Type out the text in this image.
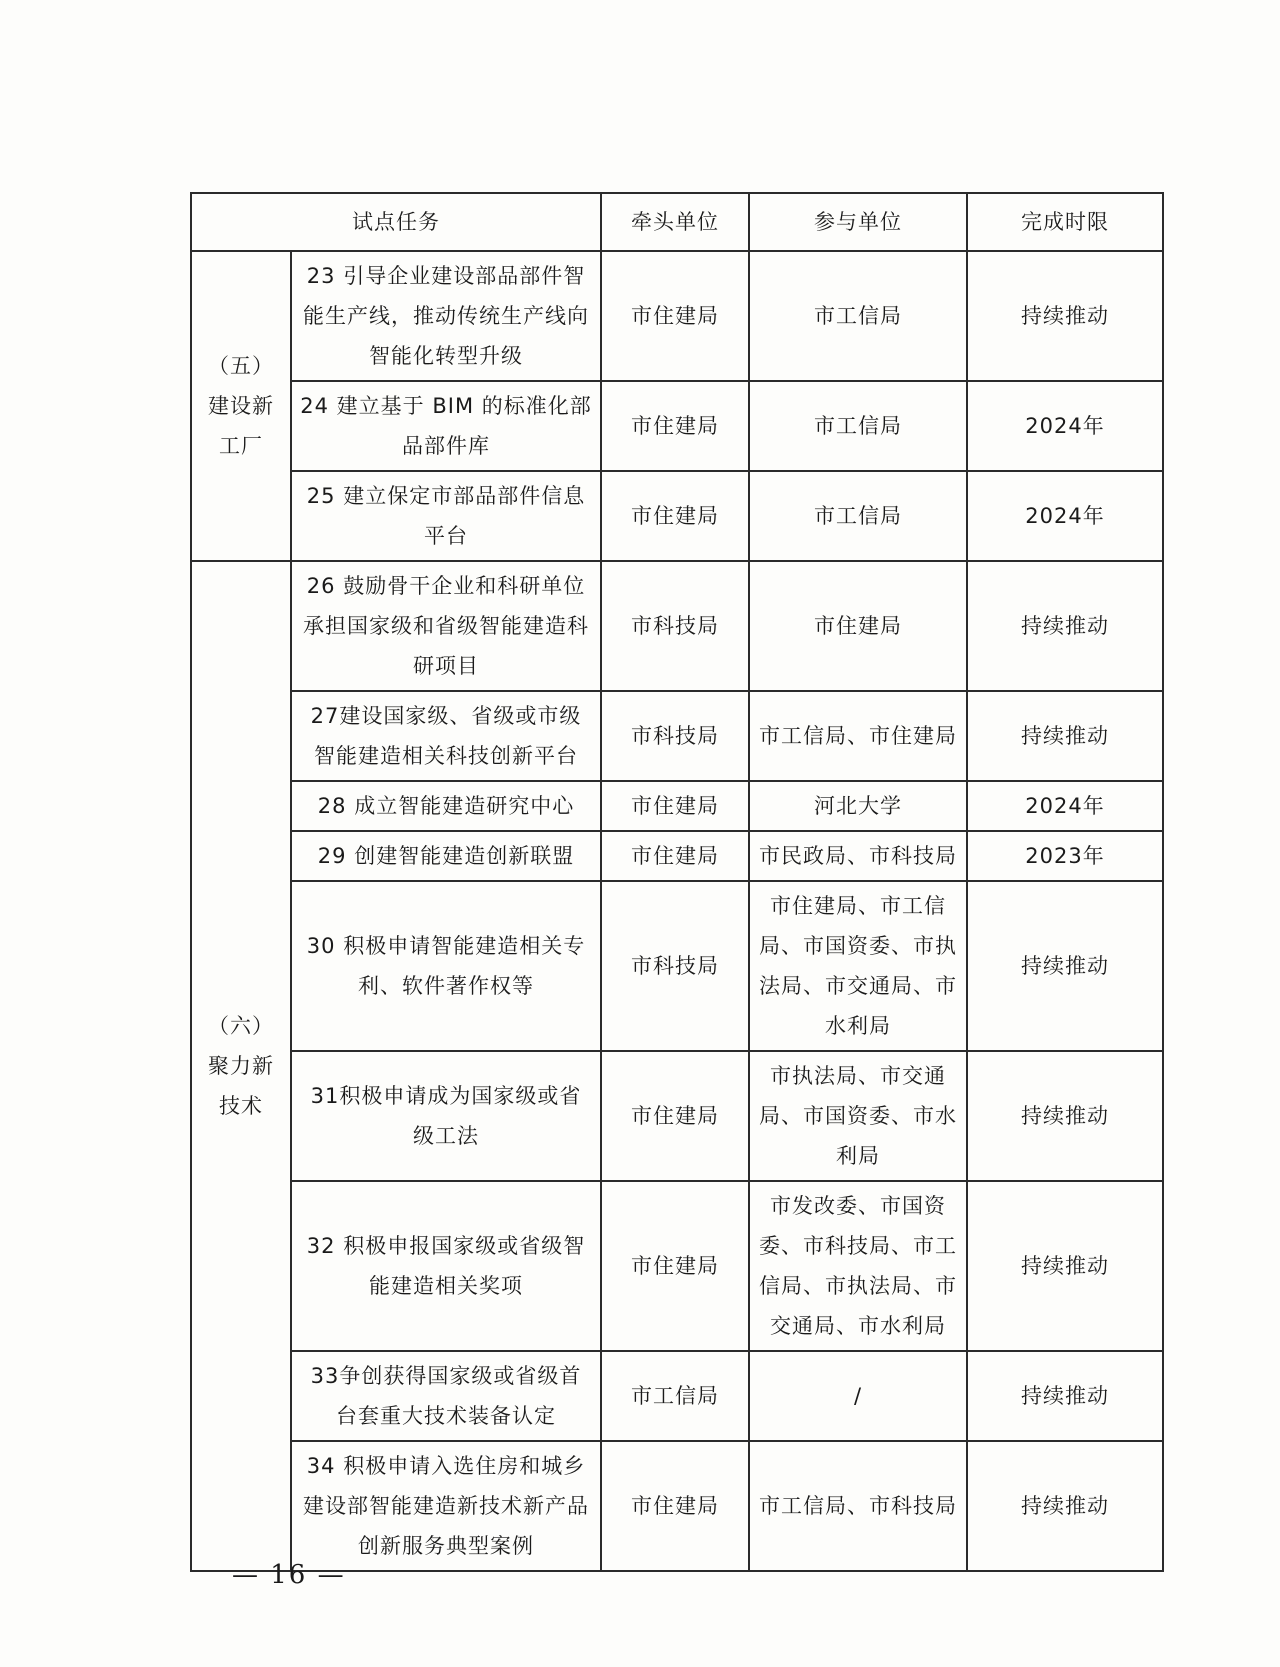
试点任务		牵头单位	参与单位	完成时限
（五）
建设新
工厂	23 引导企业建设部品部件智能生产线，推动传统生产线向智能化转型升级	市住建局	市工信局	持续推动
	24 建立基于 BIM 的标准化部品部件库	市住建局	市工信局	2024年
	25 建立保定市部品部件信息平台	市住建局	市工信局	2024年
（六）
聚力新
技术	26 鼓励骨干企业和科研单位承担国家级和省级智能建造科研项目	市科技局	市住建局	持续推动
	27建设国家级、省级或市级智能建造相关科技创新平台	市科技局	市工信局、市住建局	持续推动
	28 成立智能建造研究中心	市住建局	河北大学	2024年
	29 创建智能建造创新联盟	市住建局	市民政局、市科技局	2023年
	30 积极申请智能建造相关专利、软件著作权等	市科技局	市住建局、市工信局、市国资委、市执法局、市交通局、市水利局	持续推动
	31积极申请成为国家级或省级工法	市住建局	市执法局、市交通局、市国资委、市水利局	持续推动
	32 积极申报国家级或省级智能建造相关奖项	市住建局	市发改委、市国资委、市科技局、市工信局、市执法局、市交通局、市水利局	持续推动
	33争创获得国家级或省级首台套重大技术装备认定	市工信局	/	持续推动
	34 积极申请入选住房和城乡建设部智能建造新技术新产品创新服务典型案例	市住建局	市工信局、市科技局	持续推动
— 16 —
